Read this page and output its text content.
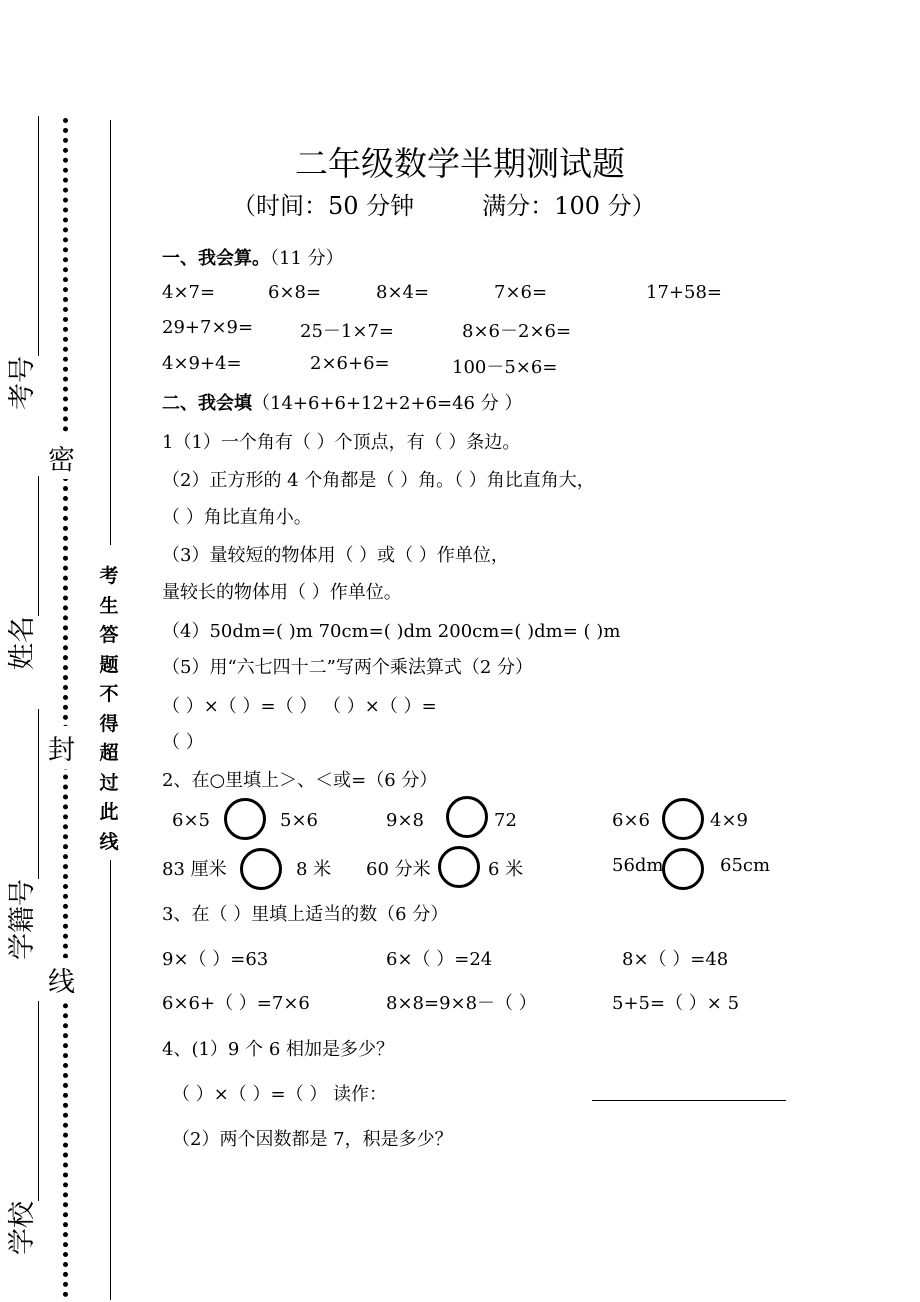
考号
姓名
学籍号
学校
密
封
线
考生答题不得超过此线
二年级数学半期测试题
（时间：50 分钟	满分：100 分）
一、我会算。（11 分）
4×7=	6×8=	8×4=	7×6=	17+58=
29+7×9=	25－1×7=	8×6－2×6=
4×9+4=	2×6+6=	100－5×6=
二、我会填（14+6+6+12+2+6=46 分 ）
1（1）一个角有（ ）个顶点，有（ ）条边。
（2）正方形的 4 个角都是（ ）角。（ ）角比直角大，
（ ）角比直角小。
（3）量较短的物体用（ ）或（ ）作单位，
量较长的物体用（ ）作单位。
（4）50dm=( )m 70cm=( )dm 200cm=( )dm= ( )m
（5）用“六七四十二”写两个乘法算式（2 分）
（ ）×（ ）=（ ） （ ）×（ ）=
（ ）
2、在○里填上＞、＜或=（6 分）
6×5	5×6	9×8	72	6×6	4×9
83 厘米	8 米 60 分米	6 米	56dm	65cm
3、在（ ）里填上适当的数（6 分）
9×（ ）=63	6×（ ）=24	8×（ ）=48
6×6+（ ）=7×6	8×8=9×8－（ ）	5+5=（ ）× 5
4、(1）9 个 6 相加是多少？
（ ）×（ ）=（ ） 读作：
（2）两个因数都是 7，积是多少？
